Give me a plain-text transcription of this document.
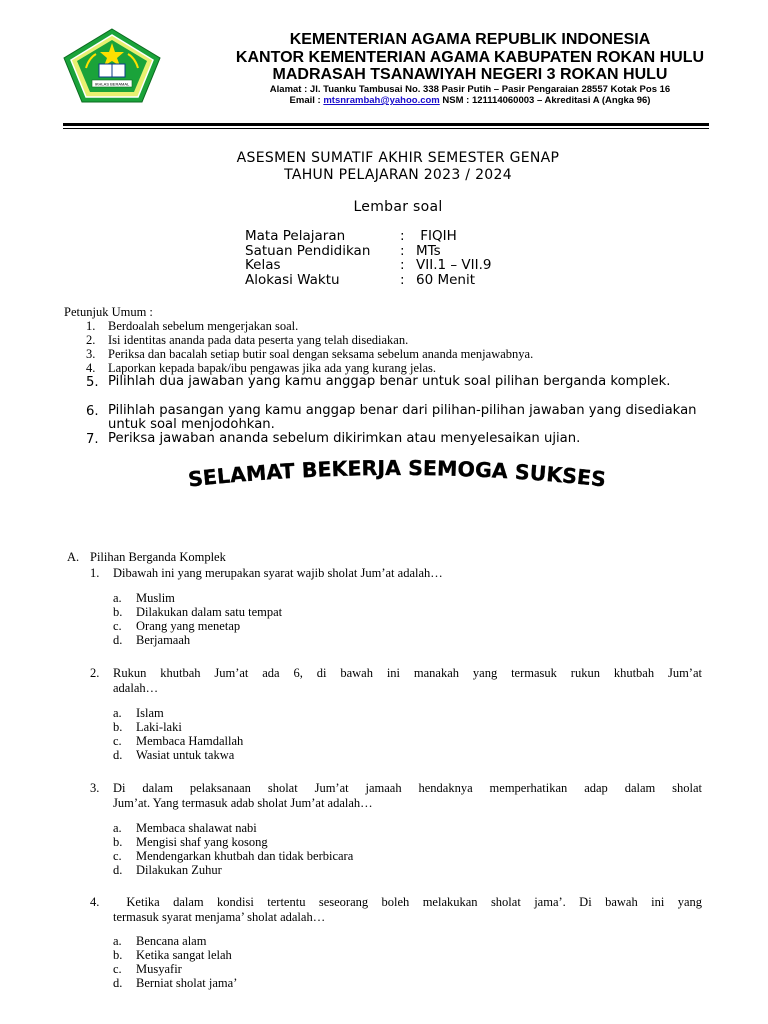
IKHLAS BERAMAL
KEMENTERIAN AGAMA REPUBLIK INDONESIA
KANTOR KEMENTERIAN AGAMA KABUPATEN ROKAN HULU
MADRASAH TSANAWIYAH NEGERI 3 ROKAN HULU
Alamat : Jl. Tuanku Tambusai No. 338 Pasir Putih – Pasir Pengaraian 28557 Kotak Pos 16
Email : mtsnrambah@yahoo.com NSM : 121114060003 – Akreditasi A (Angka 96)
ASESMEN SUMATIF AKHIR SEMESTER GENAP
TAHUN PELAJARAN 2023 / 2024
Lembar soal
Mata Pelajaran	: FIQIH
Satuan Pendidikan : MTs
Kelas	: VII.1 – VII.9
Alokasi Waktu	: 60 Menit
Petunjuk Umum :
1. Berdoalah sebelum mengerjakan soal.
2. Isi identitas ananda pada data peserta yang telah disediakan.
3. Periksa dan bacalah setiap butir soal dengan seksama sebelum ananda menjawabnya.
4. Laporkan kepada bapak/ibu pengawas jika ada yang kurang jelas.
5. Pilihlah dua jawaban yang kamu anggap benar untuk soal pilihan berganda komplek.
6. Pilihlah pasangan yang kamu anggap benar dari pilihan-pilihan jawaban yang disediakan untuk soal menjodohkan.
7. Periksa jawaban ananda sebelum dikirimkan atau menyelesaikan ujian.
SELAMAT BEKERJA SEMOGA SUKSES
A. Pilihan Berganda Komplek
1. Dibawah ini yang merupakan syarat wajib sholat Jum’at adalah…
a. Muslim
b. Dilakukan dalam satu tempat
c. Orang yang menetap
d. Berjamaah
2. Rukun khutbah Jum’at ada 6, di bawah ini manakah yang termasuk rukun khutbah Jum’at
adalah…
a. Islam
b. Laki-laki
c. Membaca Hamdallah
d. Wasiat untuk takwa
3. Di dalam pelaksanaan sholat Jum’at jamaah hendaknya memperhatikan adap dalam sholat
Jum’at. Yang termasuk adab sholat Jum’at adalah…
a. Membaca shalawat nabi
b. Mengisi shaf yang kosong
c. Mendengarkan khutbah dan tidak berbicara
d. Dilakukan Zuhur
4. Ketika dalam kondisi tertentu seseorang boleh melakukan sholat jama’. Di bawah ini yang
termasuk syarat menjama’ sholat adalah…
a. Bencana alam
b. Ketika sangat lelah
c. Musyafir
d. Berniat sholat jama’
